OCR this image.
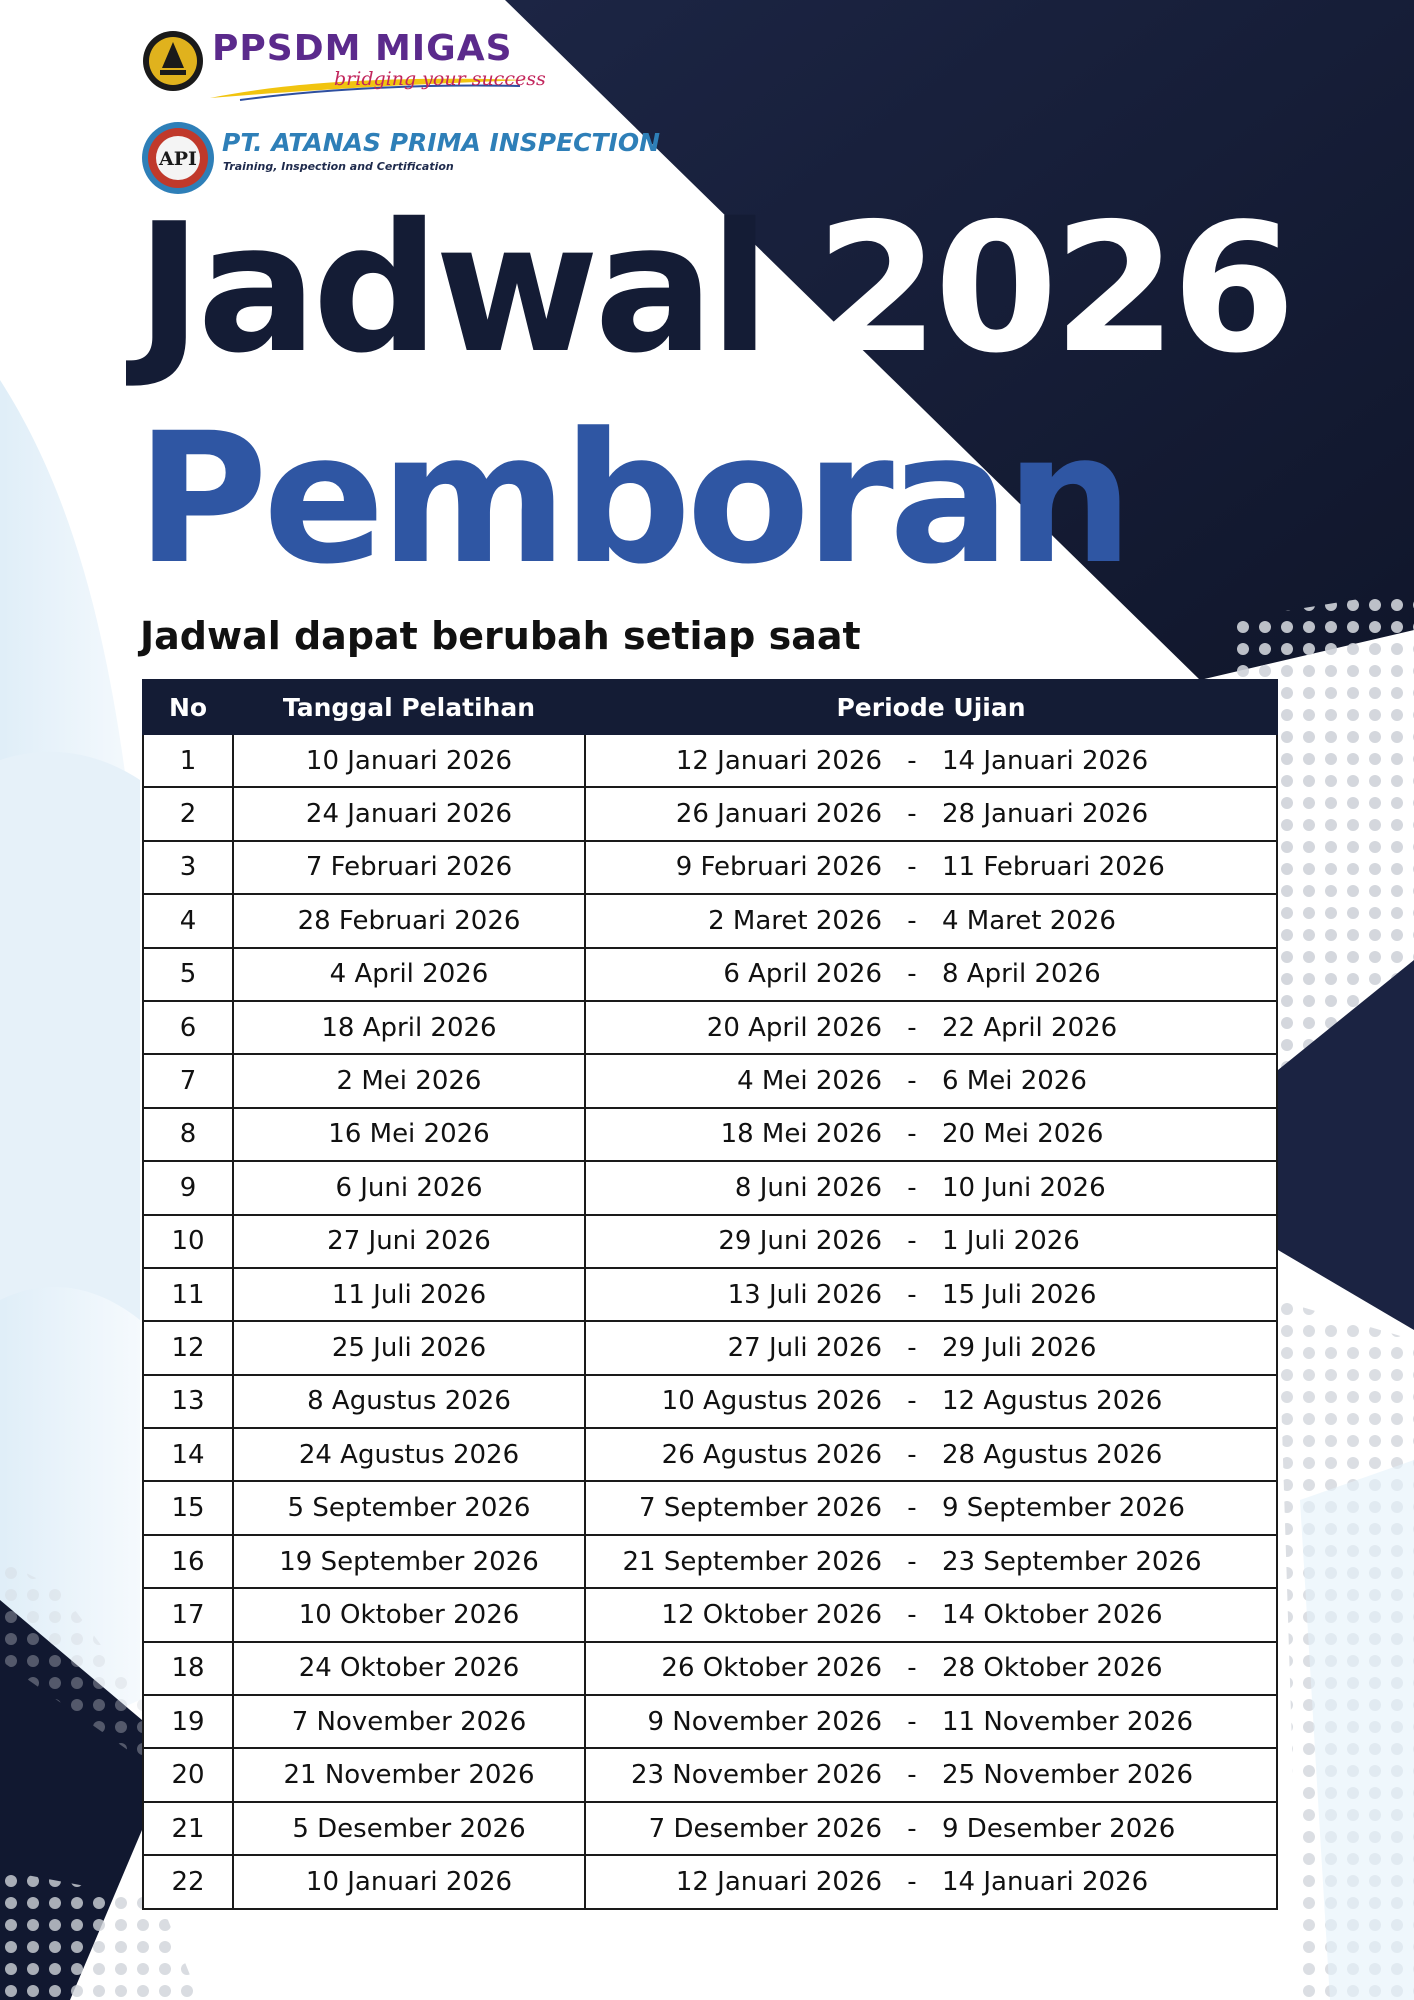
PPSDM MIGAS
bridging your success
API
PT. ATANAS PRIMA INSPECTION
Training, Inspection and Certification
Jadwal 2026
Pemboran
Jadwal dapat berubah setiap saat
No	Tanggal Pelatihan	Periode Ujian
1	10 Januari 2026	12 Januari 2026 - 14 Januari 2026

2	24 Januari 2026	26 Januari 2026 - 28 Januari 2026

3	7 Februari 2026	9 Februari 2026 - 11 Februari 2026

4	28 Februari 2026	2 Maret 2026 - 4 Maret 2026

5	4 April 2026	6 April 2026 - 8 April 2026

6	18 April 2026	20 April 2026 - 22 April 2026

7	2 Mei 2026	4 Mei 2026 - 6 Mei 2026

8	16 Mei 2026	18 Mei 2026 - 20 Mei 2026

9	6 Juni 2026	8 Juni 2026 - 10 Juni 2026

10	27 Juni 2026	29 Juni 2026 - 1 Juli 2026

11	11 Juli 2026	13 Juli 2026 - 15 Juli 2026

12	25 Juli 2026	27 Juli 2026 - 29 Juli 2026

13	8 Agustus 2026	10 Agustus 2026 - 12 Agustus 2026

14	24 Agustus 2026	26 Agustus 2026 - 28 Agustus 2026

15	5 September 2026	7 September 2026 - 9 September 2026

16	19 September 2026	21 September 2026 - 23 September 2026

17	10 Oktober 2026	12 Oktober 2026 - 14 Oktober 2026

18	24 Oktober 2026	26 Oktober 2026 - 28 Oktober 2026

19	7 November 2026	9 November 2026 - 11 November 2026

20	21 November 2026	23 November 2026 - 25 November 2026

21	5 Desember 2026	7 Desember 2026 - 9 Desember 2026

22	10 Januari 2026	12 Januari 2026 - 14 Januari 2026
